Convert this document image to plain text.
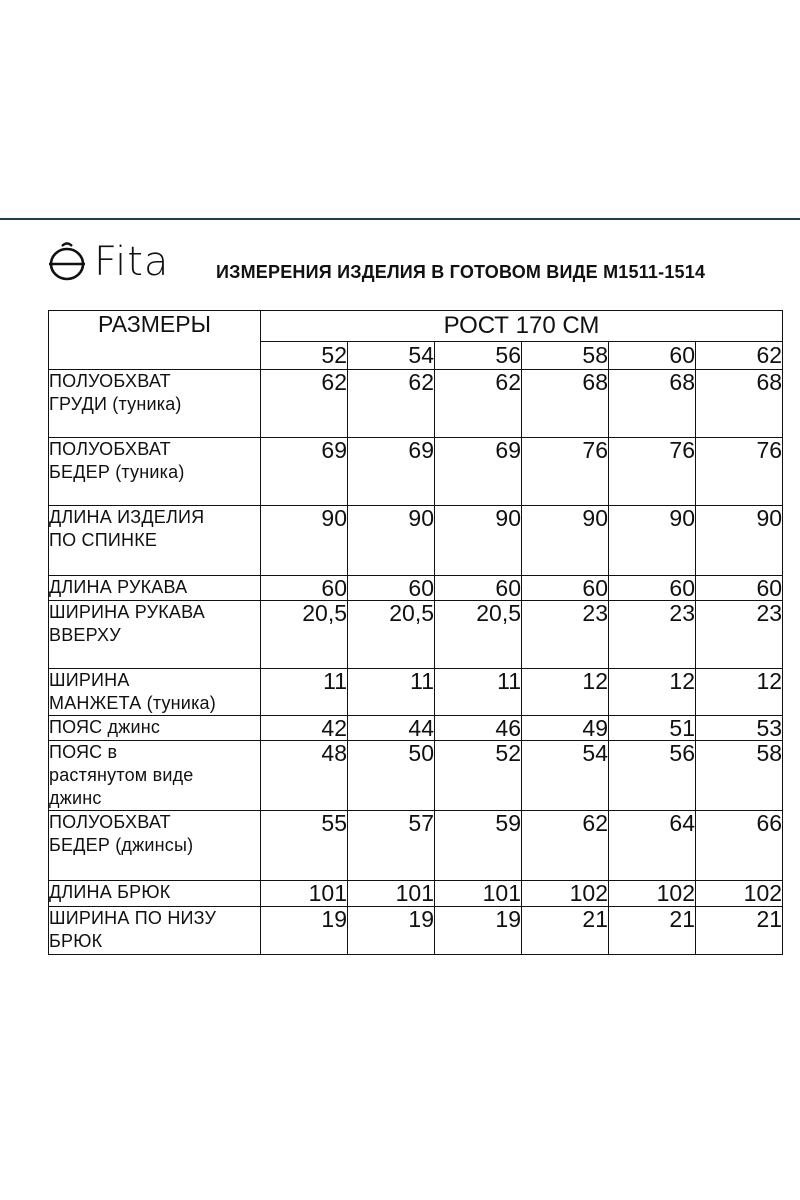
Fita	ИЗМЕРЕНИЯ ИЗДЕЛИЯ В ГОТОВОМ ВИДЕ М1511-1514
РАЗМЕРЫ	РОСТ 170 СМ					
	52	54	56	58	60	62

ПОЛУОБХВАТ
ГРУДИ (туника)	62	62	62	68	68	68

ПОЛУОБХВАТ
БЕДЕР (туника)	69	69	69	76	76	76

ДЛИНА ИЗДЕЛИЯ
ПО СПИНКЕ	90	90	90	90	90	90

ДЛИНА РУКАВА	60	60	60	60	60	60

ШИРИНА РУКАВА
ВВЕРХУ	20,5	20,5	20,5	23	23	23

ШИРИНА
МАНЖЕТА (туника)	11	11	11	12	12	12

ПОЯС джинс	42	44	46	49	51	53

ПОЯС в
растянутом виде
джинс	48	50	52	54	56	58

ПОЛУОБХВАТ
БЕДЕР (джинсы)	55	57	59	62	64	66

ДЛИНА БРЮК	101	101	101	102	102	102

ШИРИНА ПО НИЗУ
БРЮК	19	19	19	21	21	21
